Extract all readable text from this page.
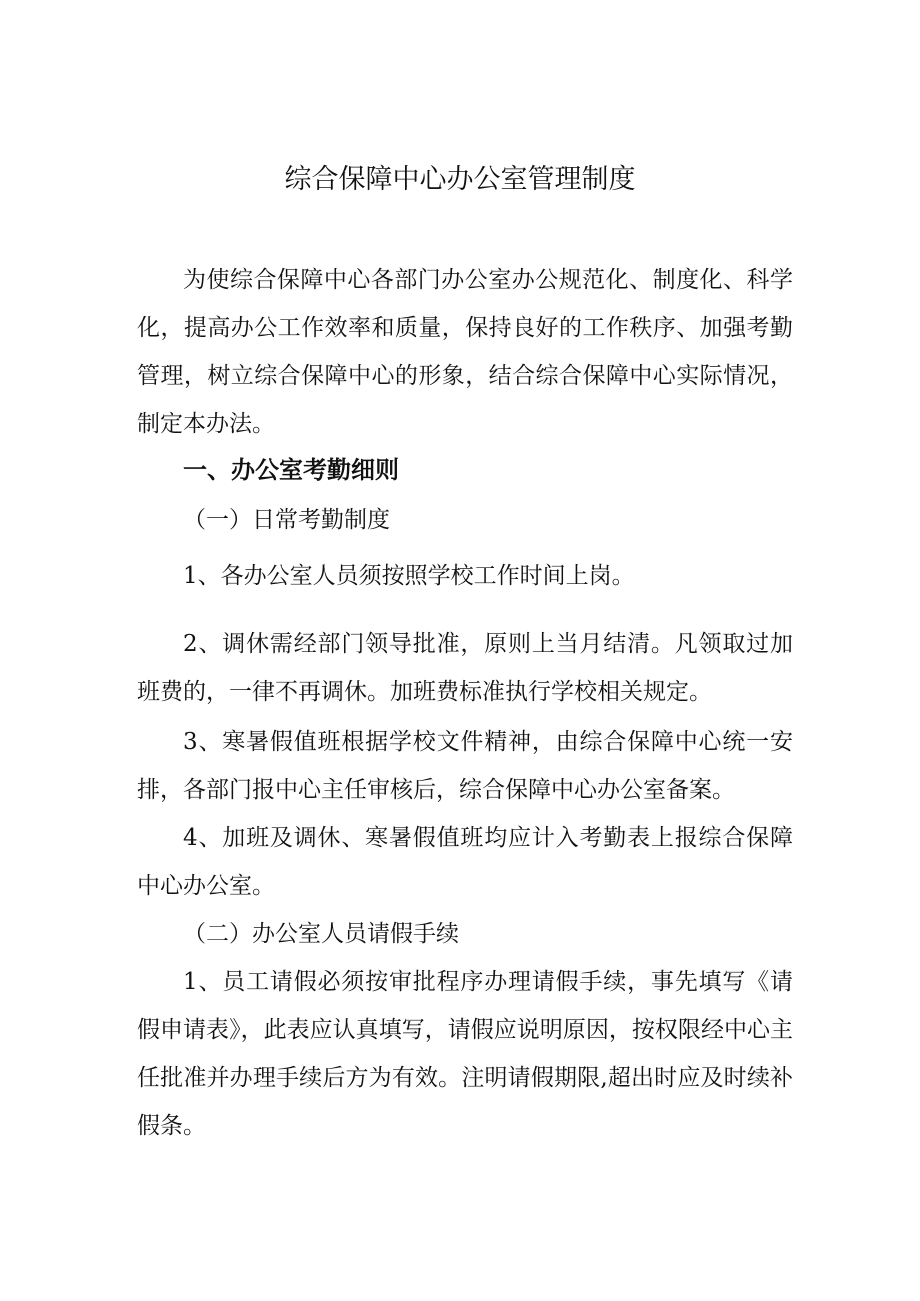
综合保障中心办公室管理制度

为使综合保障中心各部门办公室办公规范化、制度化、科学化，提高办公工作效率和质量，保持良好的工作秩序、加强考勤管理，树立综合保障中心的形象，结合综合保障中心实际情况，制定本办法。

一、办公室考勤细则
（一）日常考勤制度

1、各办公室人员须按照学校工作时间上岗。

2、调休需经部门领导批准，原则上当月结清。凡领取过加班费的，一律不再调休。加班费标准执行学校相关规定。

3、寒暑假值班根据学校文件精神，由综合保障中心统一安排，各部门报中心主任审核后，综合保障中心办公室备案。

4、加班及调休、寒暑假值班均应计入考勤表上报综合保障中心办公室。

（二）办公室人员请假手续

1、员工请假必须按审批程序办理请假手续，事先填写《请假申请表》，此表应认真填写，请假应说明原因，按权限经中心主任批准并办理手续后方为有效。注明请假期限,超出时应及时续补假条。
